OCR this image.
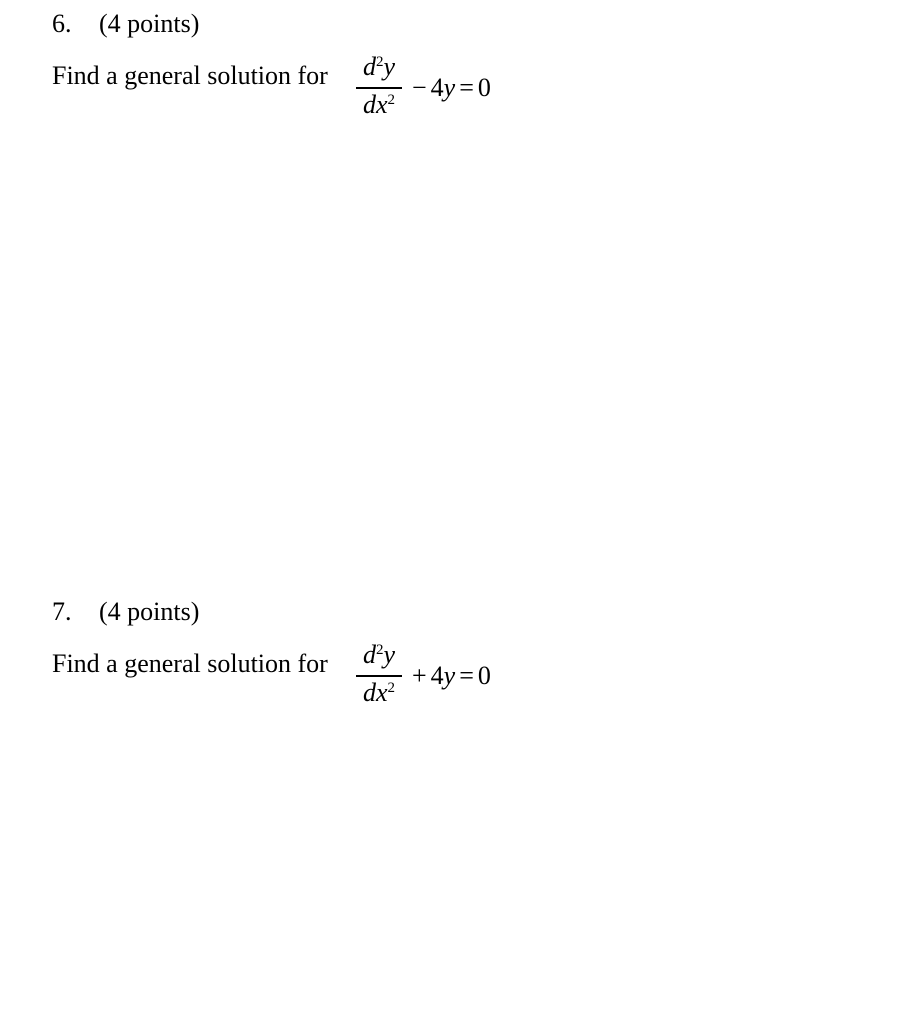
6. (4 points)
Find a general solution for $d^2y$
$dx^2 - 4y = 0$
7. (4 points)
Find a general solution for $d^2y$
$dx^2 + 4y = 0$
